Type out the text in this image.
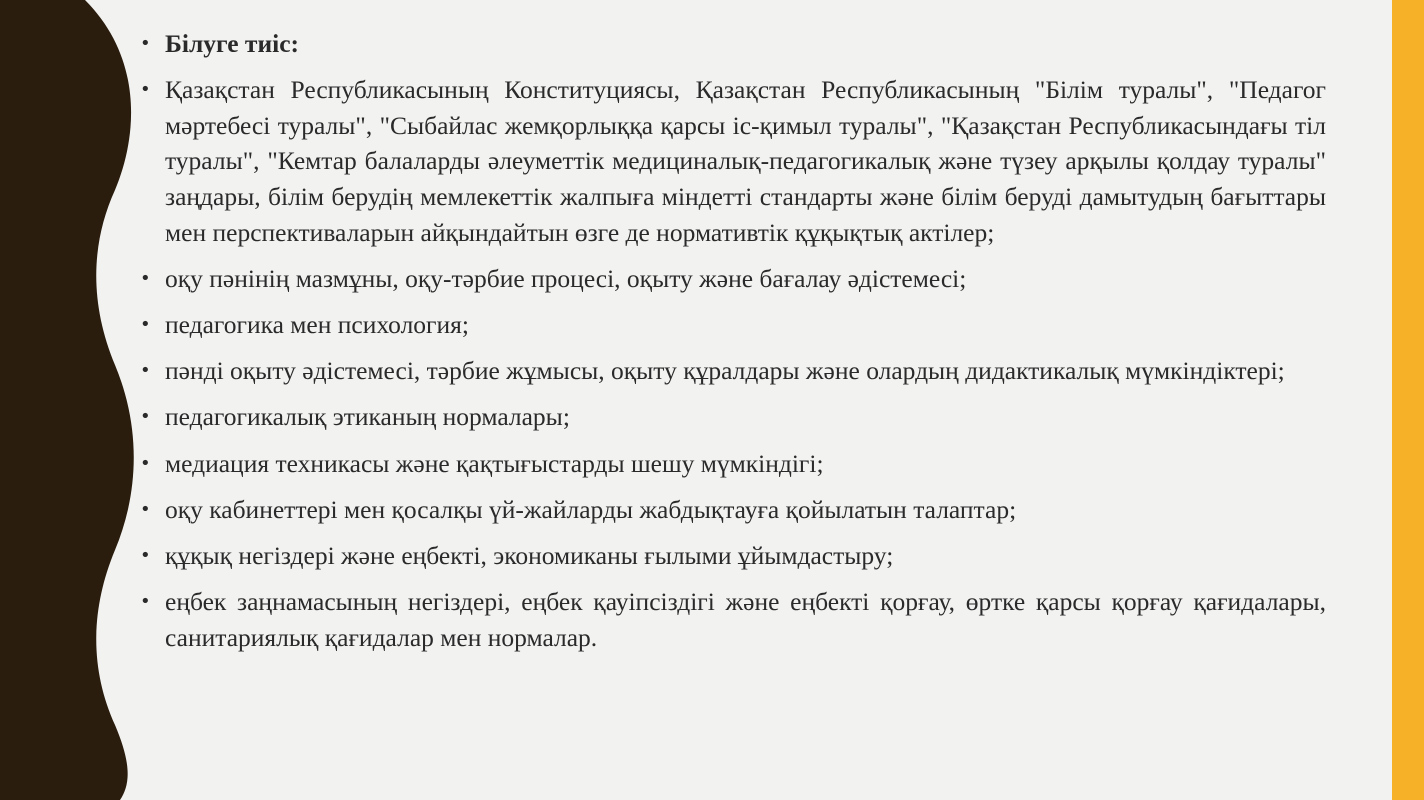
• Білуге тиіс:
• Қазақстан Республикасының Конституциясы, Қазақстан Республикасының "Білім туралы", "Педагог мәртебесі туралы", "Сыбайлас жемқорлыққа қарсы іс-қимыл туралы", "Қазақстан Республикасындағы тіл туралы", "Кемтар балаларды әлеуметтік медициналық-педагогикалық және түзеу арқылы қолдау туралы" заңдары, білім берудің мемлекеттік жалпыға міндетті стандарты және білім беруді дамытудың бағыттары мен перспективаларын айқындайтын өзге де нормативтік құқықтық актілер;
• оқу пәнінің мазмұны, оқу-тәрбие процесі, оқыту және бағалау әдістемесі;
• педагогика мен психология;
• пәнді оқыту әдістемесі, тәрбие жұмысы, оқыту құралдары және олардың дидактикалық мүмкіндіктері;
• педагогикалық этиканың нормалары;
• медиация техникасы және қақтығыстарды шешу мүмкіндігі;
• оқу кабинеттері мен қосалқы үй-жайларды жабдықтауға қойылатын талаптар;
• құқық негіздері және еңбекті, экономиканы ғылыми ұйымдастыру;
• еңбек заңнамасының негіздері, еңбек қауіпсіздігі және еңбекті қорғау, өртке қарсы қорғау қағидалары, санитариялық қағидалар мен нормалар.
